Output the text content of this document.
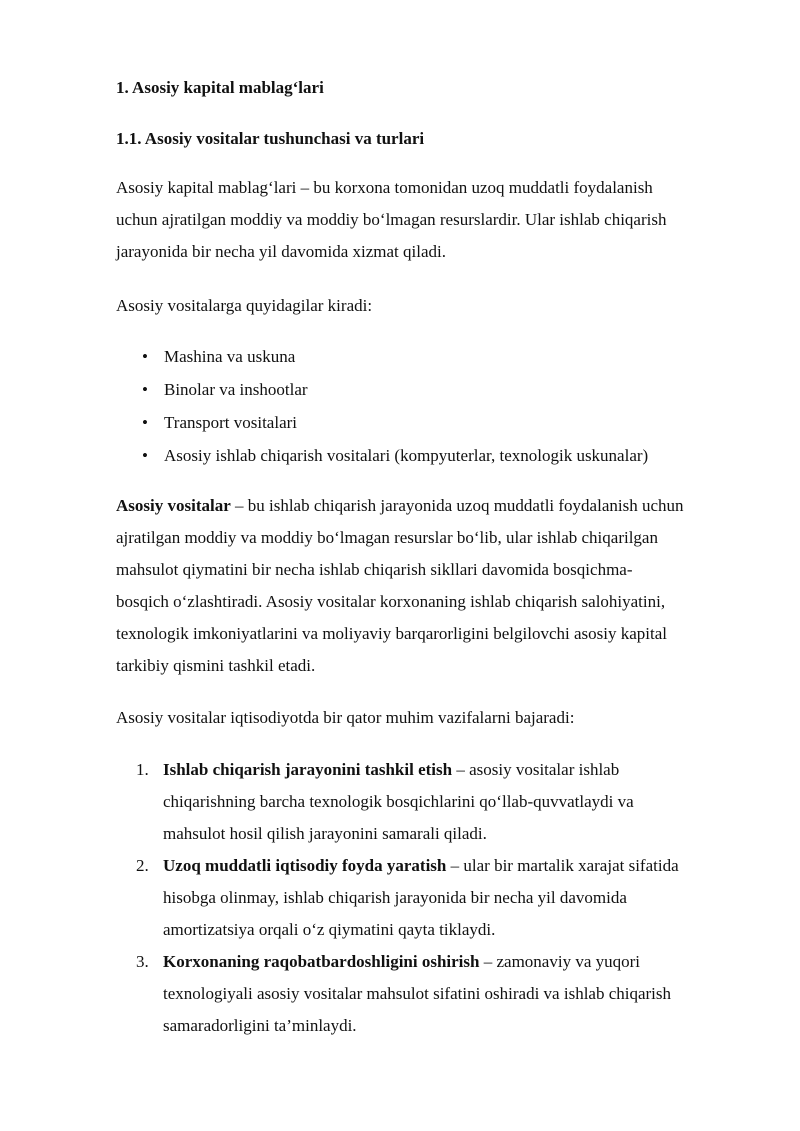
1. Asosiy kapital mablag‘lari
1.1. Asosiy vositalar tushunchasi va turlari

Asosiy kapital mablag‘lari – bu korxona tomonidan uzoq muddatli foydalanish
uchun ajratilgan moddiy va moddiy bo‘lmagan resurslardir. Ular ishlab chiqarish
jarayonida bir necha yil davomida xizmat qiladi.

Asosiy vositalarga quyidagilar kiradi:

• Mashina va uskuna
• Binolar va inshootlar
• Transport vositalari
• Asosiy ishlab chiqarish vositalari (kompyuterlar, texnologik uskunalar)

Asosiy vositalar – bu ishlab chiqarish jarayonida uzoq muddatli foydalanish uchun
ajratilgan moddiy va moddiy bo‘lmagan resurslar bo‘lib, ular ishlab chiqarilgan
mahsulot qiymatini bir necha ishlab chiqarish sikllari davomida bosqichma-
bosqich o‘zlashtiradi. Asosiy vositalar korxonaning ishlab chiqarish salohiyatini,
texnologik imkoniyatlarini va moliyaviy barqarorligini belgilovchi asosiy kapital
tarkibiy qismini tashkil etadi.

Asosiy vositalar iqtisodiyotda bir qator muhim vazifalarni bajaradi:

1. Ishlab chiqarish jarayonini tashkil etish – asosiy vositalar ishlab
chiqarishning barcha texnologik bosqichlarini qo‘llab-quvvatlaydi va
mahsulot hosil qilish jarayonini samarali qiladi.
2. Uzoq muddatli iqtisodiy foyda yaratish – ular bir martalik xarajat sifatida
hisobga olinmay, ishlab chiqarish jarayonida bir necha yil davomida
amortizatsiya orqali o‘z qiymatini qayta tiklaydi.
3. Korxonaning raqobatbardoshligini oshirish – zamonaviy va yuqori
texnologiyali asosiy vositalar mahsulot sifatini oshiradi va ishlab chiqarish
samaradorligini ta’minlaydi.
